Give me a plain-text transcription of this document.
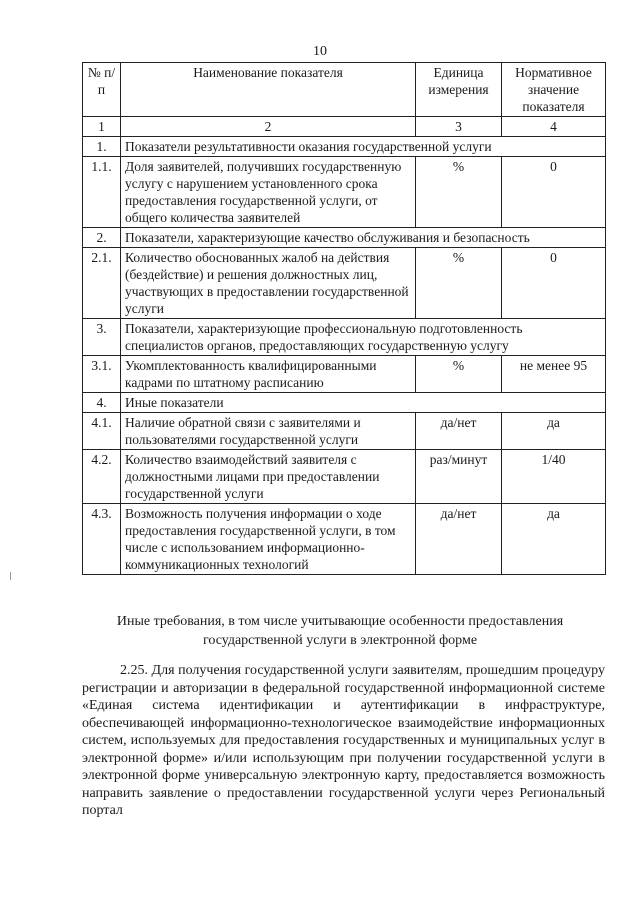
10
№ п/п	Наименование показателя	Единица измерения	Нормативное значение показателя
1	2	3	4
1.	Показатели результативности оказания государственной услуги		
1.1.	Доля заявителей, получивших государственную услугу с нарушением установленного срока предоставления государственной услуги, от общего количества заявителей	%	0
2.	Показатели, характеризующие качество обслуживания и безопасность		
2.1.	Количество обоснованных жалоб на действия (бездействие) и решения должностных лиц, участвующих в предоставлении государственной услуги	%	0
3.	Показатели, характеризующие профессиональную подготовленность специалистов органов, предоставляющих государственную услугу		
3.1.	Укомплектованность квалифицированными кадрами по штатному расписанию	%	не менее 95
4.	Иные показатели		
4.1.	Наличие обратной связи с заявителями и пользователями государственной услуги	да/нет	да
4.2.	Количество взаимодействий заявителя с должностными лицами при предоставлении государственной услуги	раз/минут	1/40
4.3.	Возможность получения информации о ходе предоставления государственной услуги, в том числе с использованием информационно-коммуникационных технологий	да/нет	да
Иные требования, в том числе учитывающие особенности предоставления государственной услуги в электронной форме
2.25. Для получения государственной услуги заявителям, прошедшим процедуру регистрации и авторизации в федеральной государственной информационной системе «Единая система идентификации и аутентификации в инфраструктуре, обеспечивающей информационно-технологическое взаимодействие информационных систем, используемых для предоставления государственных и муниципальных услуг в электронной форме» и/или использующим при получении государственной услуги в электронной форме универсальную электронную карту, предоставляется возможность направить заявление о предоставлении государственной услуги через Региональный портал
